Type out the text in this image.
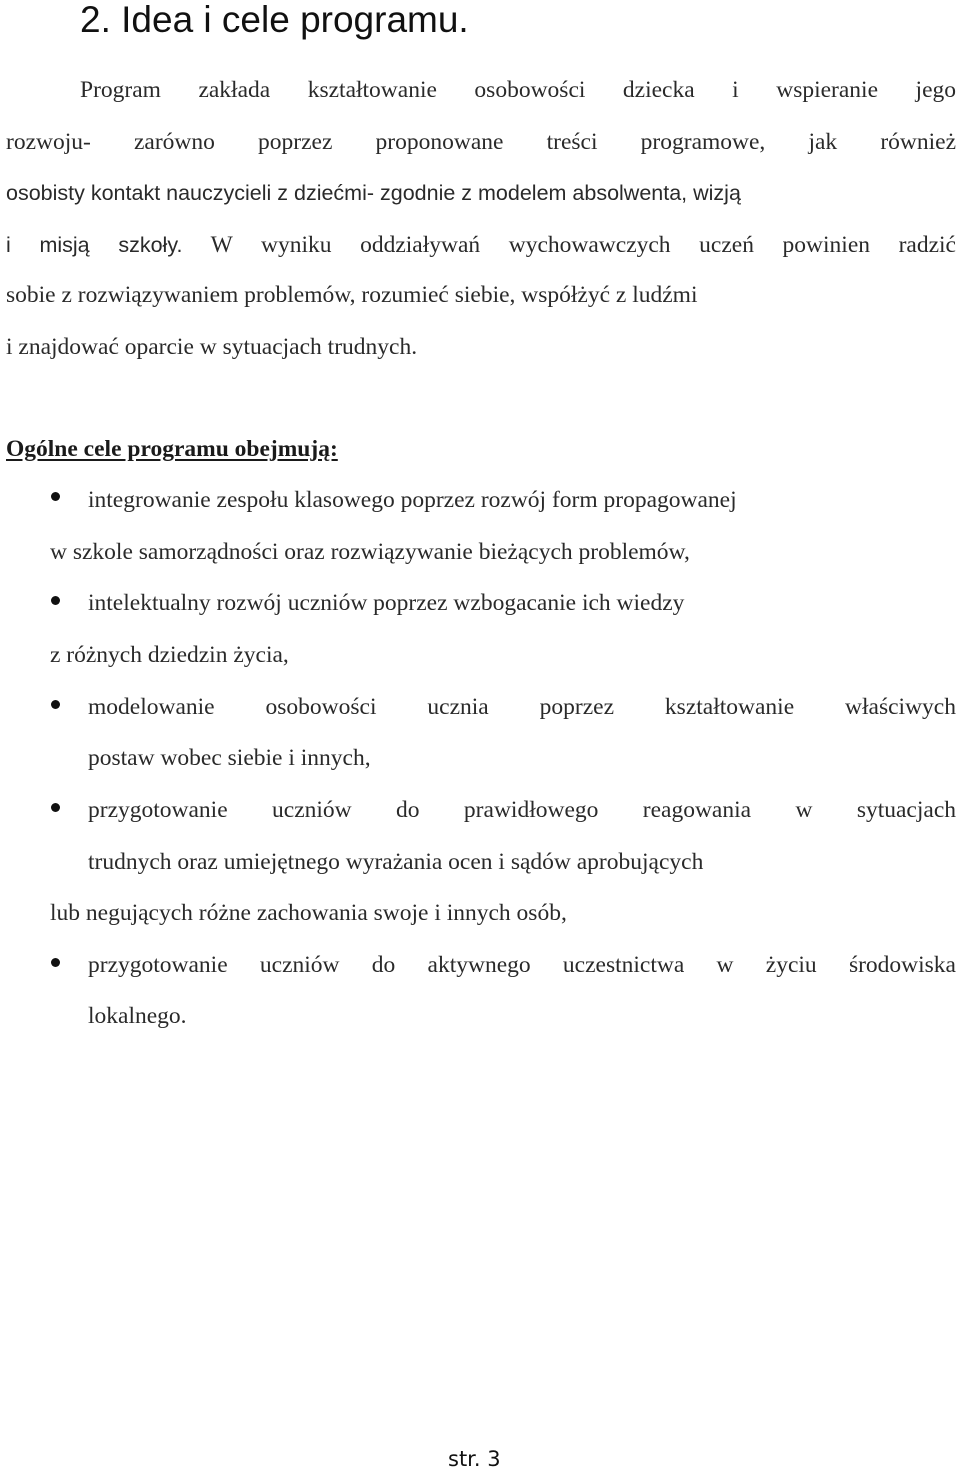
2. Idea i cele programu.

Program zakłada kształtowanie osobowości dziecka i wspieranie jego

rozwoju- zarówno poprzez proponowane treści programowe, jak również

osobisty kontakt nauczycieli z dziećmi- zgodnie z modelem absolwenta, wizją

i misją szkoły. W wyniku oddziaływań wychowawczych uczeń powinien radzić

sobie z rozwiązywaniem problemów, rozumieć siebie, współżyć z ludźmi

i znajdować oparcie w sytuacjach trudnych.

Ogólne cele programu obejmują:

integrowanie zespołu klasowego poprzez rozwój form propagowanej

w szkole samorządności oraz rozwiązywanie bieżących problemów,

intelektualny rozwój uczniów poprzez wzbogacanie ich wiedzy

z różnych dziedzin życia,

modelowanie osobowości ucznia poprzez kształtowanie właściwych

postaw wobec siebie i innych,

przygotowanie uczniów do prawidłowego reagowania w sytuacjach

trudnych oraz umiejętnego wyrażania ocen i sądów aprobujących

lub negujących różne zachowania swoje i innych osób,

przygotowanie uczniów do aktywnego uczestnictwa w życiu środowiska

lokalnego.

str. 3
